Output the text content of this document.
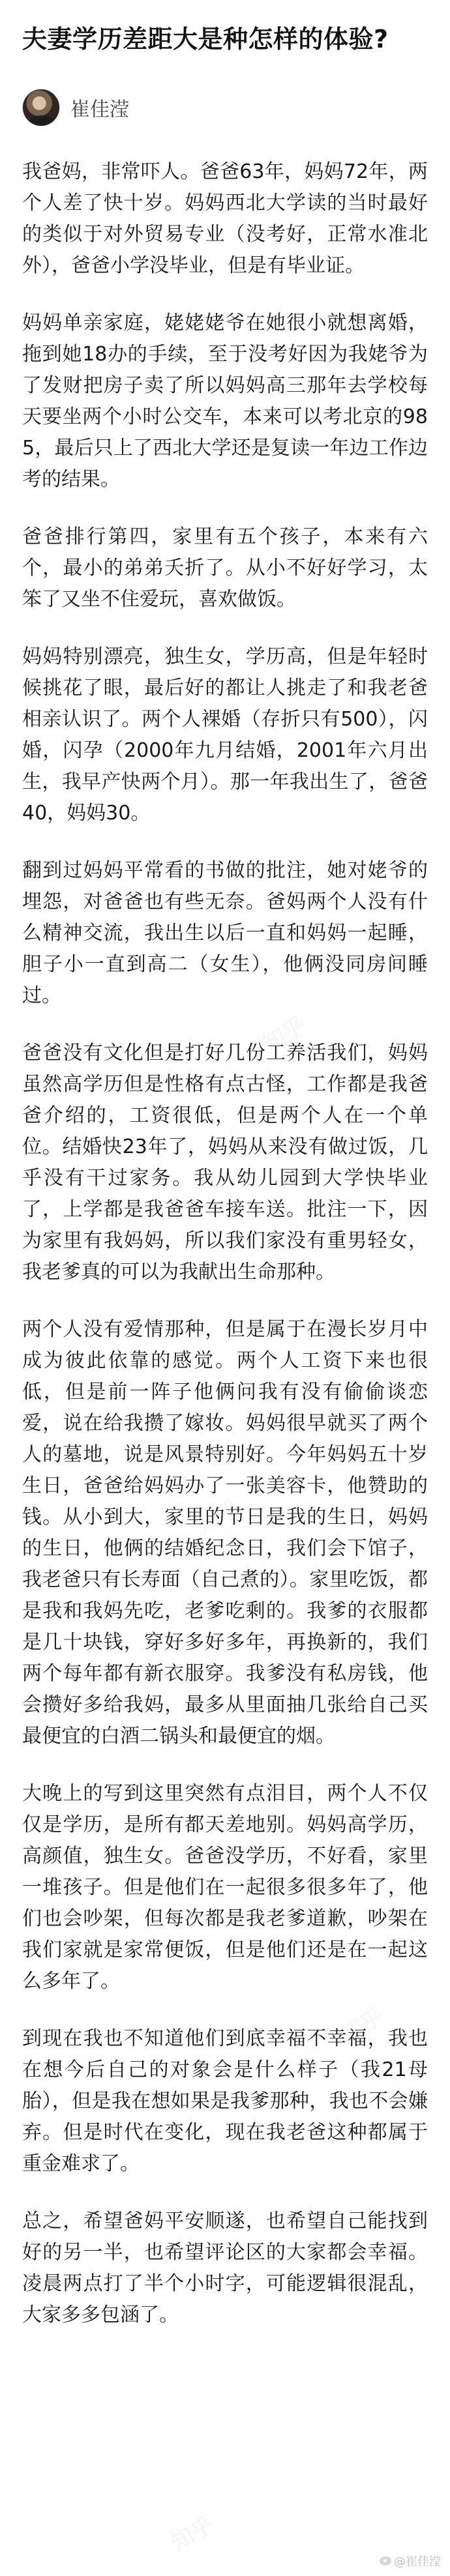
夫妻学历差距大是种怎样的体验?
崔佳滢

我爸妈，非常吓人。爸爸63年，妈妈72年，两个人差了快十岁。妈妈西北大学读的当时最好的类似于对外贸易专业（没考好，正常水准北外），爸爸小学没毕业，但是有毕业证。

妈妈单亲家庭，姥姥姥爷在她很小就想离婚，拖到她18办的手续，至于没考好因为我姥爷为了发财把房子卖了所以妈妈高三那年去学校每天要坐两个小时公交车，本来可以考北京的985，最后只上了西北大学还是复读一年边工作边考的结果。

爸爸排行第四，家里有五个孩子，本来有六个，最小的弟弟夭折了。从小不好好学习，太笨了又坐不住爱玩，喜欢做饭。

妈妈特别漂亮，独生女，学历高，但是年轻时候挑花了眼，最后好的都让人挑走了和我老爸相亲认识了。两个人裸婚（存折只有500），闪婚，闪孕（2000年九月结婚，2001年六月出生，我早产快两个月）。那一年我出生了，爸爸40，妈妈30。

翻到过妈妈平常看的书做的批注，她对姥爷的埋怨，对爸爸也有些无奈。爸妈两个人没有什么精神交流，我出生以后一直和妈妈一起睡，胆子小一直到高二（女生），他俩没同房间睡过。

爸爸没有文化但是打好几份工养活我们，妈妈虽然高学历但是性格有点古怪，工作都是我爸爸介绍的，工资很低，但是两个人在一个单位。结婚快23年了，妈妈从来没有做过饭，几乎没有干过家务。我从幼儿园到大学快毕业了，上学都是我爸爸车接车送。批注一下，因为家里有我妈妈，所以我们家没有重男轻女，我老爹真的可以为我献出生命那种。

两个人没有爱情那种，但是属于在漫长岁月中成为彼此依靠的感觉。两个人工资下来也很低，但是前一阵子他俩问我有没有偷偷谈恋爱，说在给我攒了嫁妆。妈妈很早就买了两个人的墓地，说是风景特别好。今年妈妈五十岁生日，爸爸给妈妈办了一张美容卡，他赞助的钱。从小到大，家里的节日是我的生日，妈妈的生日，他俩的结婚纪念日，我们会下馆子，我老爸只有长寿面（自己煮的）。家里吃饭，都是我和我妈先吃，老爹吃剩的。我爹的衣服都是几十块钱，穿好多好多年，再换新的，我们两个每年都有新衣服穿。我爹没有私房钱，他会攒好多给我妈，最多从里面抽几张给自己买最便宜的白酒二锅头和最便宜的烟。

大晚上的写到这里突然有点泪目，两个人不仅仅是学历，是所有都天差地别。妈妈高学历，高颜值，独生女。爸爸没学历，不好看，家里一堆孩子。但是他们在一起很多很多年了，他们也会吵架，但每次都是我老爹道歉，吵架在我们家就是家常便饭，但是他们还是在一起这么多年了。

到现在我也不知道他们到底幸福不幸福，我也在想今后自己的对象会是什么样子（我21母胎），但是我在想如果是我爹那种，我也不会嫌弃。但是时代在变化，现在我老爸这种都属于重金难求了。

总之，希望爸妈平安顺遂，也希望自己能找到好的另一半，也希望评论区的大家都会幸福。凌晨两点打了半个小时字，可能逻辑很混乱，大家多多包涵了。

@崔佳滢
